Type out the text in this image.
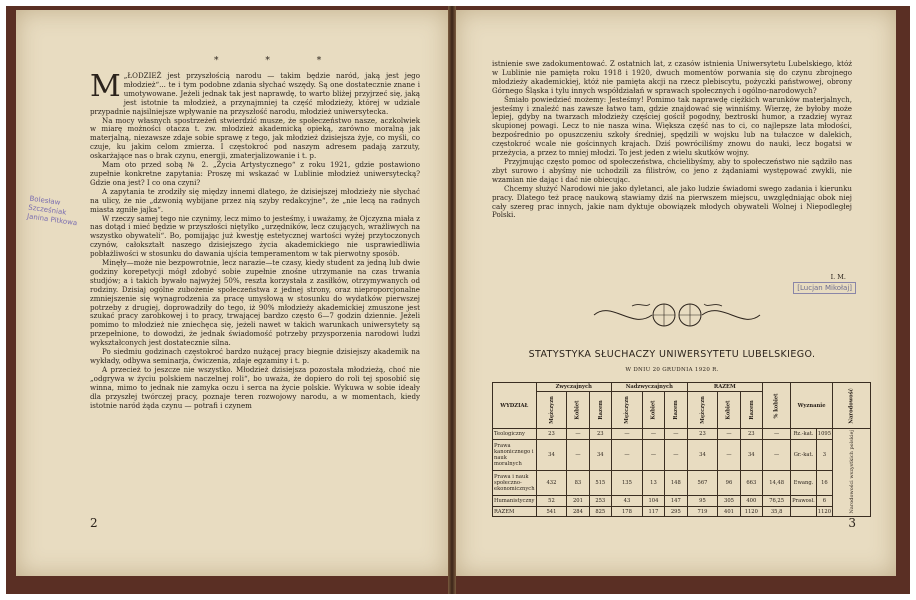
* * *
Bolesław Szcześniak Janina Pitkowa

M „ŁODZIEŻ jest przyszłością narodu — takim będzie naród, jaką jest jego młodzież“... te i tym podobne zdania słychać wszędy. Są one dostatecznie znane i umotywowane. Jeżeli jednak tak jest naprawdę, to warto bliżej przyjrzeć się, jaką jest istotnie ta młodzież, a przynajmniej ta część młodzieży, której w udziale przypadnie najsilniejsze wpływanie na przyszłość narodu, młodzież uniwersytecka.

Na mocy własnych spostrzeżeń stwierdzić musze, że społeczeństwo nasze, aczkolwiek w miarę możności otacza t. zw. młodzież akademicką opieką, zarówno moralną jak materjalną, niezawsze zdaje sobie sprawę z tego, jak młodzież dzisiejsza żyje, co myśli, co czuje, ku jakim celom zmierza. I częstokroć pod naszym adresem padają zarzuty, oskarżające nas o brak czynu, energji, zmaterjalizowanie i t. p.

Mam oto przed sobą № 2. „Życia Artystycznego“ z roku 1921, gdzie postawiono zupełnie konkretne zapytania: Proszę mi wskazać w Lublinie młodzież uniwersytecką? Gdzie ona jest? I co ona czyni?

A zapytania te zrodziły się między innemi dlatego, że dzisiejszej młodzieży nie słychać na ulicy, że nie „dzwonią wybijane przez nią szyby redakcyjne“, że „nie lecą na radnych miasta zgniłe jajka“.

W rzeczy samej tego nie czynimy, lecz mimo to jesteśmy, i uważamy, że Ojczyzna miała z nas dotąd i mieć będzie w przyszłości niętylko „urzędników, lecz czujących, wrażliwych na wszystko obywateli“. Bo, pomijając już kwestję estetycznej wartości wyżej przytoczonych czynów, całokształt naszego dzisiejszego życia akademickiego nie usprawiedliwia pobłażliwości w stosunku do dawania ujścia temperamentom w tak pierwotny sposób.

Minęły—może nie bezpowrotnie, lecz narazie—te czasy, kiedy student za jedną lub dwie godziny korepetycji mógł zdobyć sobie zupełnie znośne utrzymanie na czas trwania studjów; a i takich bywało najwyżej 50%, reszta korzystała z zasiłków, otrzymywanych od rodziny. Dzisiaj ogólne zubożenie społeczeństwa z jednej strony, oraz nieproporcjonalne zmniejszenie się wynagrodzenia za pracę umysłową w stosunku do wydatków pierwszej potrzeby z drugiej, doprowadziły do tego, iż 90% młodzieży akademickiej zmuszone jest szukać pracy zarobkowej i to pracy, trwającej bardzo często 6—7 godzin dziennie. Jeżeli pomimo to młodzież nie zniechęca się, jeżeli nawet w takich warunkach uniwersytety są przepełnione, to dowodzi, że jednak świadomość potrzeby przysporzenia narodowi ludzi wykształconych jest dostatecznie silna.

Po siedmiu godzinach częstokroć bardzo nużącej pracy biegnie dzisiejszy akademik na wykłady, odbywa seminarja, ćwiczenia, zdaje egzaminy i t. p.

A przecież to jeszcze nie wszystko. Młodzież dzisiejsza pozostała młodzieżą, choć nie „odgrywa w życiu polskiem naczelnej roli“, bo uważa, że dopiero do roli tej sposobić się winna, mimo to jednak nie zamyka oczu i serca na życie polskie. Wykuwa w sobie ideały dla przyszłej twórczej pracy, poznaje teren rozwojowy narodu, a w momentach, kiedy istotnie naród żąda czynu — potrafi i czynem

2

istnienie swe zadokumentować. Z ostatnich lat, z czasów istnienia Uniwersytetu Lubelskiego, któż w Lublinie nie pamięta roku 1918 i 1920, dwuch momentów porwania się do czynu zbrojnego młodzieży akademickiej, któż nie pamięta akcji na rzecz plebiscytu, pożyczki państwowej, obrony Górnego Śląska i tylu innych współdziałań w sprawach społecznych i ogólno-narodowych?

Śmiało powiedzieć możemy: Jesteśmy! Pomimo tak naprawdę ciężkich warunków materjalnych, jesteśmy i znaleźć nas zawsze łatwo tam, gdzie znajdować się winniśmy. Wierzę, że byłoby może lepiej, gdyby na twarzach młodzieży częściej gościł pogodny, beztroski humor, a rzadziej wyraz skupionej powagi. Lecz to nie nasza wina. Większa część nas to ci, co najlepsze lata młodości, bezpośrednio po opuszczeniu szkoły średniej, spędzili w wojsku lub na tułaczce w dalekich, częstokroć wcale nie gościnnych krajach. Dziś powróciliśmy znowu do nauki, lecz bogatsi w przeżycia, a przez to mniej młodzi. To jest jeden z wielu skutków wojny.

Przyjmując często pomoc od społeczeństwa, chcielibyśmy, aby to społeczeństwo nie sądziło nas zbyt surowo i abyśmy nie uchodzili za filistrów, co jeno z żądaniami występować zwykli, nie wzamian nie dając i dać nie obiecując.

Chcemy służyć Narodowi nie jako dyletanci, ale jako ludzie świadomi swego zadania i kierunku pracy. Dlatego też pracę naukową stawiamy dziś na pierwszem miejscu, uwzględniając obok niej cały szereg prac innych, jakie nam dyktuje obowiązek młodych obywateli Wolnej i Niepodległej Polski.

I. M.
[Lucjan Mikołaj]
STATYSTYKA SŁUCHACZY UNIWERSYTETU LUBELSKIEGO.
W DNIU 20 GRUDNIA 1920 R.
WYDZIAŁ	Zwyczajnych			Nadzwyczajnych			RAZEM			% kobiet	Wyznanie		Narodowość
	Mężczyzn	Kobiet	Razem	Mężczyzn	Kobiet	Razem	Mężczyzn	Kobiet	Razem				
Teologiczny	23	—	23	—	—	—	23	—	23	—	Rz.-kat.	1095	Narodowości wszystkich polskiej
Prawa kanonicznego i nauk moralnych	34	—	34	—	—	—	34	—	34	—	Gr.-kat.	3	
Prawa i nauk społeczno-ekonomicznych	432	83	515	135	13	148	567	96	663	14,48	Ewang.	16	
Humanistyczny	52	201	253	43	104	147	95	305	400	76,25	Prawosł.	6	
RAZEM	541	284	825	178	117	295	719	401	1120	35,8		1120	
3
